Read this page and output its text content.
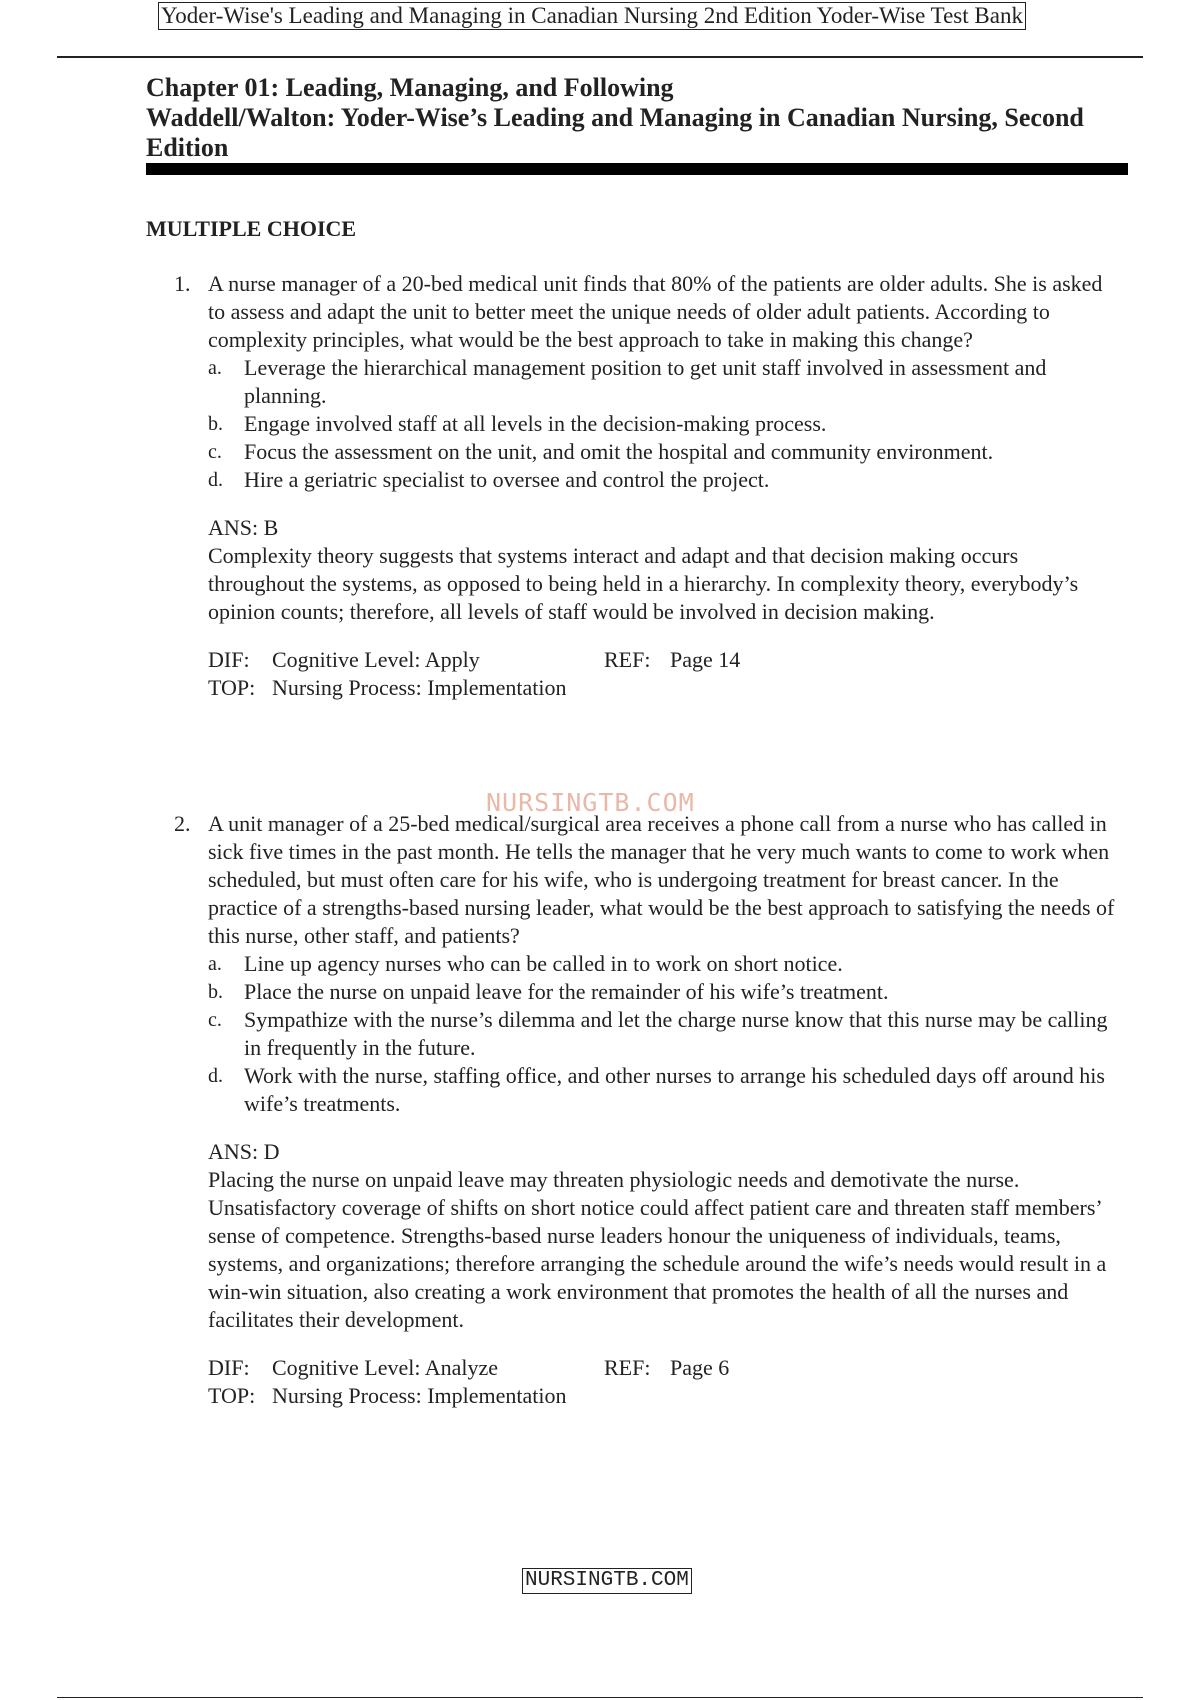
Yoder-Wise's Leading and Managing in Canadian Nursing 2nd Edition Yoder-Wise Test Bank
Chapter 01: Leading, Managing, and Following
Waddell/Walton: Yoder-Wise’s Leading and Managing in Canadian Nursing, Second Edition
MULTIPLE CHOICE
1. A nurse manager of a 20-bed medical unit finds that 80% of the patients are older adults. She is asked to assess and adapt the unit to better meet the unique needs of older adult patients. According to complexity principles, what would be the best approach to take in making this change?
a. Leverage the hierarchical management position to get unit staff involved in assessment and planning.
b. Engage involved staff at all levels in the decision-making process.
c. Focus the assessment on the unit, and omit the hospital and community environment.
d. Hire a geriatric specialist to oversee and control the project.
ANS: B
Complexity theory suggests that systems interact and adapt and that decision making occurs throughout the systems, as opposed to being held in a hierarchy. In complexity theory, everybody’s opinion counts; therefore, all levels of staff would be involved in decision making.
DIF: Cognitive Level: Apply	REF: Page 14
TOP: Nursing Process: Implementation
NURSINGTB.COM
2. A unit manager of a 25-bed medical/surgical area receives a phone call from a nurse who has called in sick five times in the past month. He tells the manager that he very much wants to come to work when scheduled, but must often care for his wife, who is undergoing treatment for breast cancer. In the practice of a strengths-based nursing leader, what would be the best approach to satisfying the needs of this nurse, other staff, and patients?
a. Line up agency nurses who can be called in to work on short notice.
b. Place the nurse on unpaid leave for the remainder of his wife’s treatment.
c. Sympathize with the nurse’s dilemma and let the charge nurse know that this nurse may be calling in frequently in the future.
d. Work with the nurse, staffing office, and other nurses to arrange his scheduled days off around his wife’s treatments.
ANS: D
Placing the nurse on unpaid leave may threaten physiologic needs and demotivate the nurse. Unsatisfactory coverage of shifts on short notice could affect patient care and threaten staff members’ sense of competence. Strengths-based nurse leaders honour the uniqueness of individuals, teams, systems, and organizations; therefore arranging the schedule around the wife’s needs would result in a win-win situation, also creating a work environment that promotes the health of all the nurses and facilitates their development.
DIF: Cognitive Level: Analyze	REF: Page 6
TOP: Nursing Process: Implementation
NURSINGTB.COM
